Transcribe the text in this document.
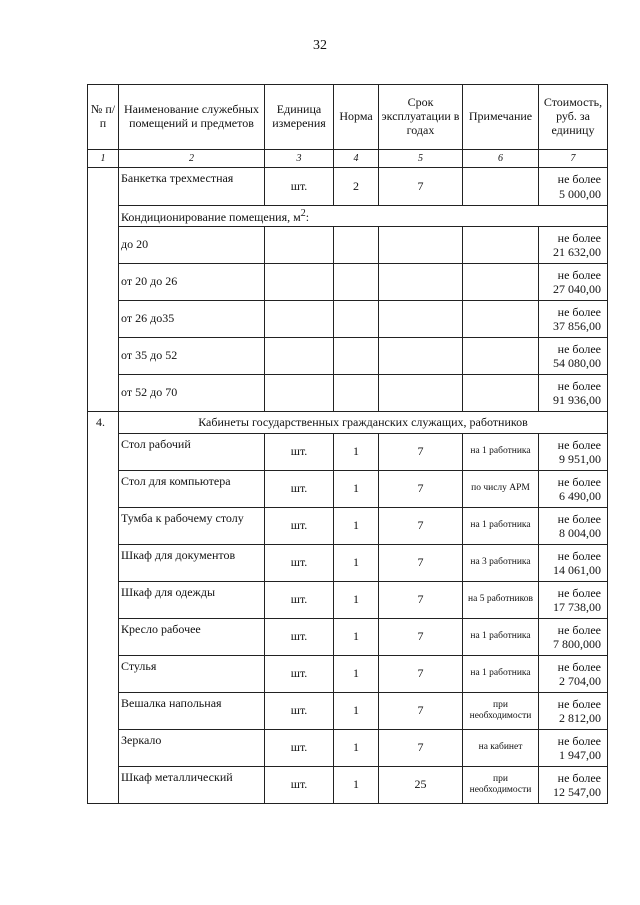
32
№ п/п	Наименование служебных помещений и предметов	Единица измерения	Норма	Срок эксплуатации в годах	Примечание	Стоимость, руб. за единицу
1	2	3	4	5	6	7
	Банкетка трехместная	шт.	2	7		не более
5 000,00
	Кондиционирование помещения, $м^2$:					
	до 20					не более
21 632,00
	от 20 до 26					не более
27 040,00
	от 26 до35					не более
37 856,00
	от 35 до 52					не более
54 080,00
	от 52 до 70					не более
91 936,00
4.	Кабинеты государственных гражданских служащих, работников					
	Стол рабочий	шт.	1	7	на 1 работника	не более
9 951,00
	Стол для компьютера	шт.	1	7	по числу АРМ	не более
6 490,00
	Тумба к рабочему столу	шт.	1	7	на 1 работника	не более
8 004,00
	Шкаф для документов	шт.	1	7	на 3 работника	не более
14 061,00
	Шкаф для одежды	шт.	1	7	на 5 работников	не более
17 738,00
	Кресло рабочее	шт.	1	7	на 1 работника	не более
7 800,000
	Стулья	шт.	1	7	на 1 работника	не более
2 704,00
	Вешалка напольная	шт.	1	7	при необходимости	не более
2 812,00
	Зеркало	шт.	1	7	на кабинет	не более
1 947,00
	Шкаф металлический	шт.	1	25	при необходимости	не более
12 547,00
